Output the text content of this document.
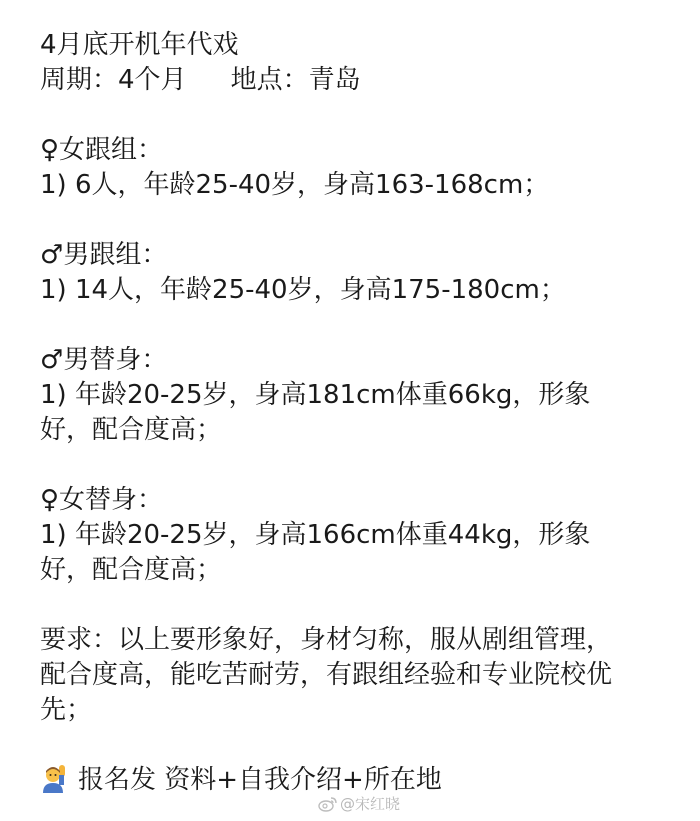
4月底开机年代戏
周期：4个月 地点：青岛
♀女跟组：
1) 6人，年龄25-40岁，身高163-168cm；
♂男跟组：
1) 14人，年龄25-40岁，身高175-180cm；
♂男替身：
1) 年龄20-25岁，身高181cm体重66kg，形象
好，配合度高；
♀女替身：
1) 年龄20-25岁，身高166cm体重44kg，形象
好，配合度高；
要求：以上要形象好，身材匀称，服从剧组管理，
配合度高，能吃苦耐劳，有跟组经验和专业院校优
先；
报名发 资料+自我介绍+所在地
@宋红晓
